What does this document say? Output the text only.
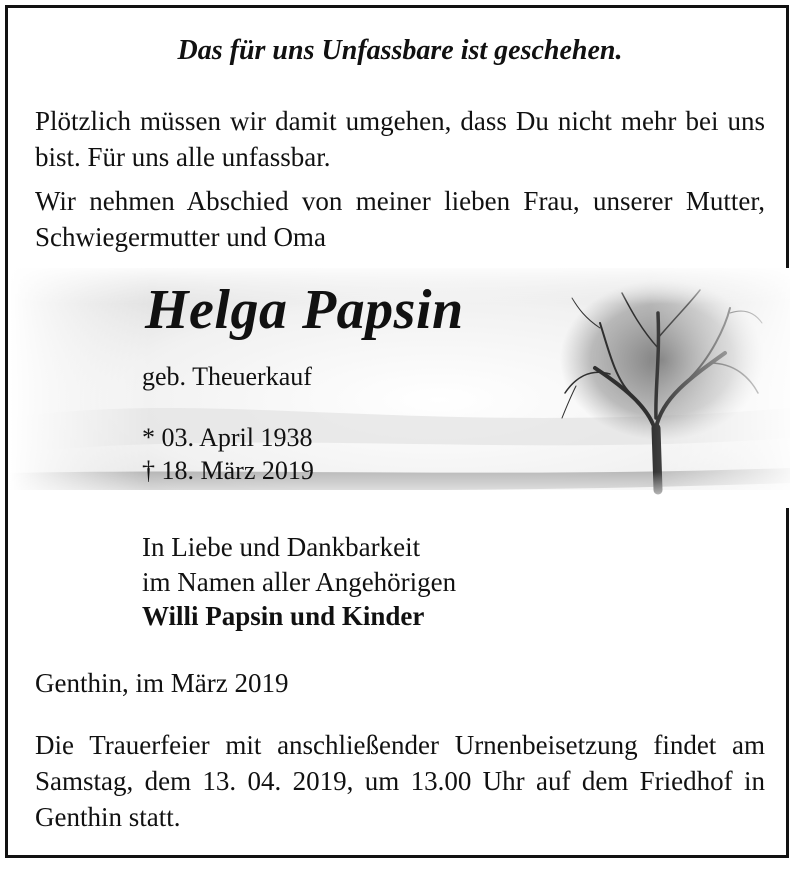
Das für uns Unfassbare ist geschehen.

Plötzlich müssen wir damit umgehen, dass Du nicht mehr bei uns bist. Für uns alle unfassbar.

Wir nehmen Abschied von meiner lieben Frau, unserer Mutter, Schwiegermutter und Oma

Helga Papsin
geb. Theuerkauf
* 03. April 1938
† 18. März 2019
In Liebe und Dankbarkeit
im Namen aller Angehörigen
Willi Papsin und Kinder

Genthin, im März 2019

Die Trauerfeier mit anschließender Urnenbeisetzung findet am Samstag, dem 13. 04. 2019, um 13.00 Uhr auf dem Friedhof in Genthin statt.
